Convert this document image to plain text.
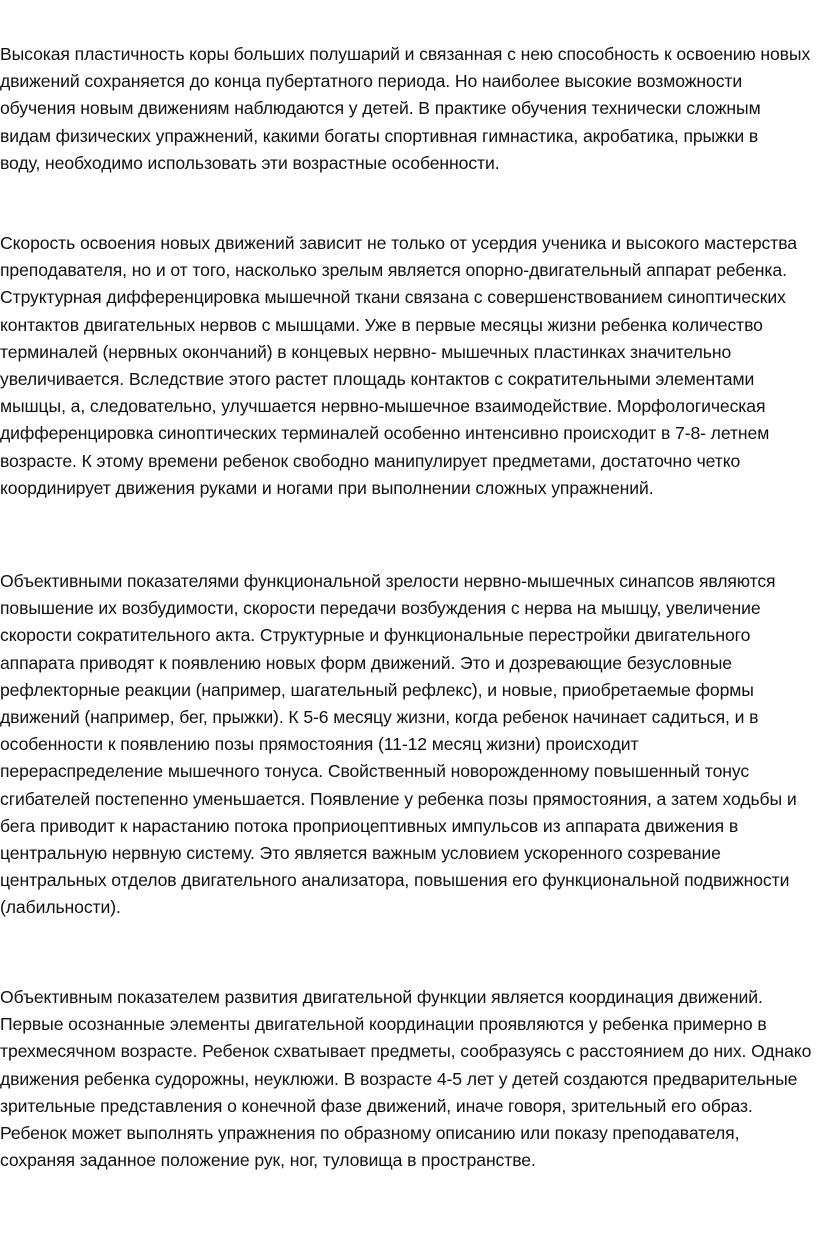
Высокая пластичность коры больших полушарий и связанная с нею способность к освоению новых
движений сохраняется до конца пубертатного периода. Но наиболее высокие возможности
обучения новым движениям наблюдаются у детей. В практике обучения технически сложным
видам физических упражнений, какими богаты спортивная гимнастика, акробатика, прыжки в
воду, необходимо использовать эти возрастные особенности.

Скорость освоения новых движений зависит не только от усердия ученика и высокого мастерства
преподавателя, но и от того, насколько зрелым является опорно-двигательный аппарат ребенка.
Структурная дифференцировка мышечной ткани связана с совершенствованием синоптических
контактов двигательных нервов с мышцами. Уже в первые месяцы жизни ребенка количество
терминалей (нервных окончаний) в концевых нервно- мышечных пластинках значительно
увеличивается. Вследствие этого растет площадь контактов с сократительными элементами
мышцы, а, следовательно, улучшается нервно-мышечное взаимодействие. Морфологическая
дифференцировка синоптических терминалей особенно интенсивно происходит в 7-8- летнем
возрасте. К этому времени ребенок свободно манипулирует предметами, достаточно четко
координирует движения руками и ногами при выполнении сложных упражнений.

Объективными показателями функциональной зрелости нервно-мышечных синапсов являются
повышение их возбудимости, скорости передачи возбуждения с нерва на мышцу, увеличение
скорости сократительного акта. Структурные и функциональные перестройки двигательного
аппарата приводят к появлению новых форм движений. Это и дозревающие безусловные
рефлекторные реакции (например, шагательный рефлекс), и новые, приобретаемые формы
движений (например, бег, прыжки). К 5-6 месяцу жизни, когда ребенок начинает садиться, и в
особенности к появлению позы прямостояния (11-12 месяц жизни) происходит
перераспределение мышечного тонуса. Свойственный новорожденному повышенный тонус
сгибателей постепенно уменьшается. Появление у ребенка позы прямостояния, а затем ходьбы и
бега приводит к нарастанию потока проприоцептивных импульсов из аппарата движения в
центральную нервную систему. Это является важным условием ускоренного созревание
центральных отделов двигательного анализатора, повышения его функциональной подвижности
(лабильности).

Объективным показателем развития двигательной функции является координация движений.
Первые осознанные элементы двигательной координации проявляются у ребенка примерно в
трехмесячном возрасте. Ребенок схватывает предметы, сообразуясь с расстоянием до них. Однако
движения ребенка судорожны, неуклюжи. В возрасте 4-5 лет у детей создаются предварительные
зрительные представления о конечной фазе движений, иначе говоря, зрительный его образ.
Ребенок может выполнять упражнения по образному описанию или показу преподавателя,
сохраняя заданное положение рук, ног, туловища в пространстве.
